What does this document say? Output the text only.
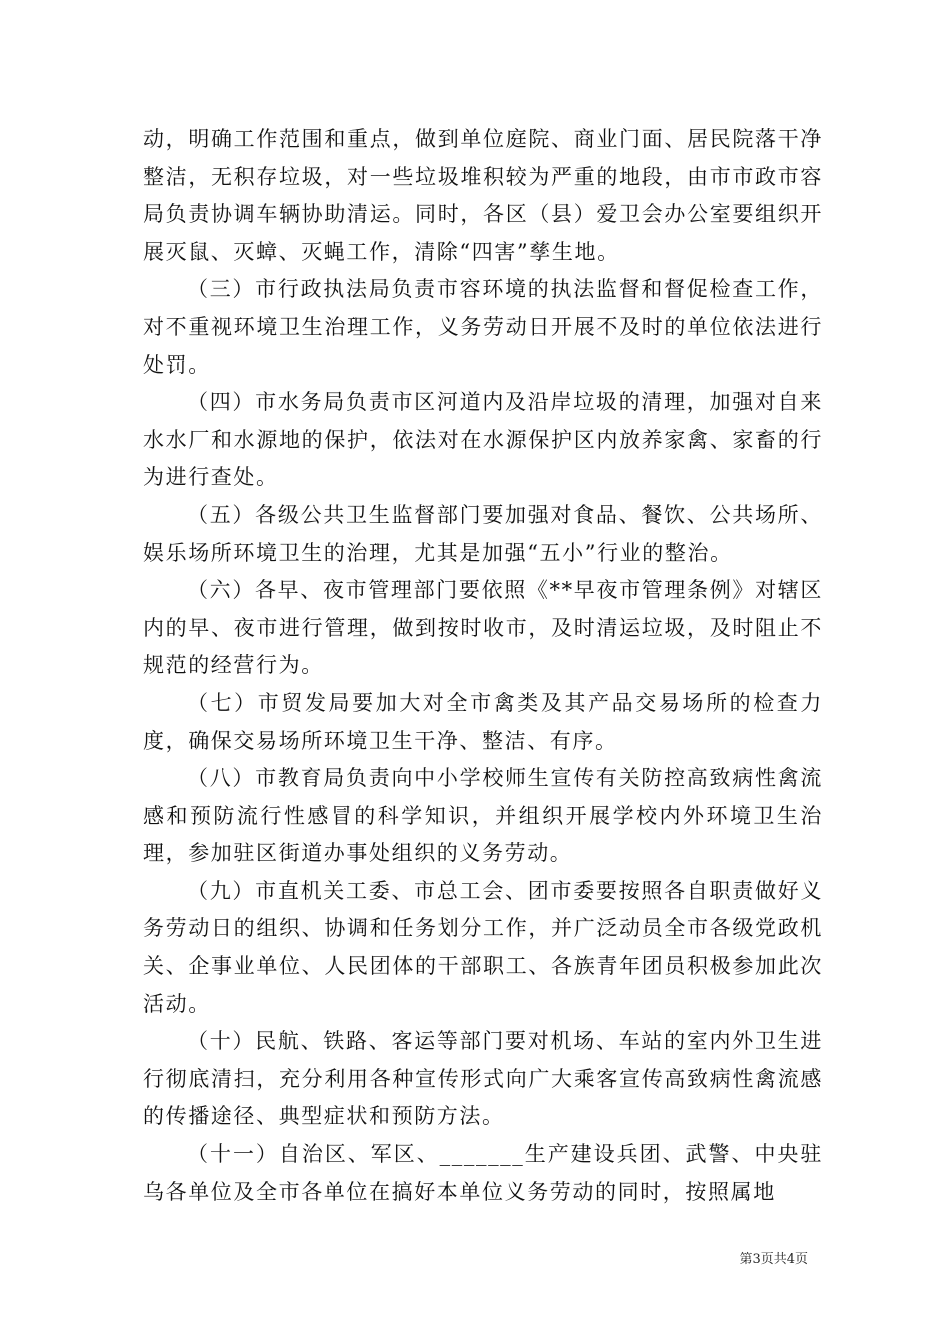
动，明确工作范围和重点，做到单位庭院、商业门面、居民院落干净整洁，无积存垃圾，对一些垃圾堆积较为严重的地段，由市市政市容局负责协调车辆协助清运。同时，各区（县）爱卫会办公室要组织开展灭鼠、灭蟑、灭蝇工作，清除“四害”孳生地。

（三）市行政执法局负责市容环境的执法监督和督促检查工作，对不重视环境卫生治理工作，义务劳动日开展不及时的单位依法进行处罚。

（四）市水务局负责市区河道内及沿岸垃圾的清理，加强对自来水水厂和水源地的保护，依法对在水源保护区内放养家禽、家畜的行为进行查处。

（五）各级公共卫生监督部门要加强对食品、餐饮、公共场所、娱乐场所环境卫生的治理，尤其是加强“五小”行业的整治。

（六）各早、夜市管理部门要依照《**早夜市管理条例》对辖区内的早、夜市进行管理，做到按时收市，及时清运垃圾，及时阻止不规范的经营行为。

（七）市贸发局要加大对全市禽类及其产品交易场所的检查力度，确保交易场所环境卫生干净、整洁、有序。

（八）市教育局负责向中小学校师生宣传有关防控高致病性禽流感和预防流行性感冒的科学知识，并组织开展学校内外环境卫生治理，参加驻区街道办事处组织的义务劳动。

（九）市直机关工委、市总工会、团市委要按照各自职责做好义务劳动日的组织、协调和任务划分工作，并广泛动员全市各级党政机关、企事业单位、人民团体的干部职工、各族青年团员积极参加此次活动。

（十）民航、铁路、客运等部门要对机场、车站的室内外卫生进行彻底清扫，充分利用各种宣传形式向广大乘客宣传高致病性禽流感的传播途径、典型症状和预防方法。

（十一）自治区、军区、_______生产建设兵团、武警、中央驻乌各单位及全市各单位在搞好本单位义务劳动的同时，按照属地

第3页共4页
